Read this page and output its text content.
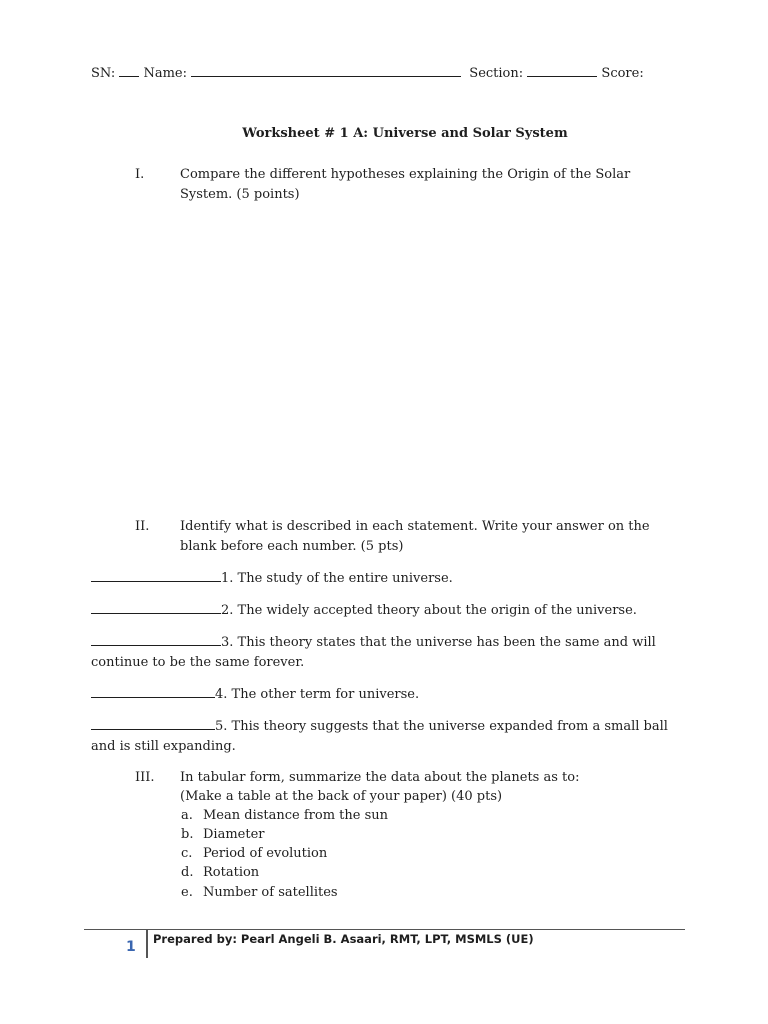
SN: Name:	Section:	Score:
Worksheet # 1 A: Universe and Solar System
I.	Compare the different hypotheses explaining the Origin of the Solar System. (5 points)
II. Identify what is described in each statement. Write your answer on the blank before each number. (5 pts)
1. The study of the entire universe.
2. The widely accepted theory about the origin of the universe.
3. This theory states that the universe has been the same and will continue to be the same forever.
4. The other term for universe.
5. This theory suggests that the universe expanded from a small ball and is still expanding.
III. In tabular form, summarize the data about the planets as to:
(Make a table at the back of your paper) (40 pts)
a. Mean distance from the sun
b. Diameter
c. Period of evolution
d. Rotation
e. Number of satellites
1 Prepared by: Pearl Angeli B. Asaari, RMT, LPT, MSMLS (UE)
